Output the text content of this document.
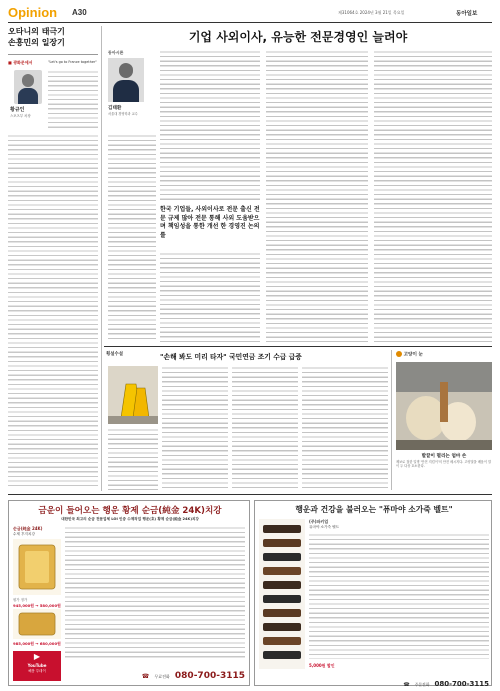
Opinion A30	제31064호 2024년 3월 21일 목요일	동아일보
오타니의 태극기
손흥민의 일장기
■ 광화문에서
황규인
스포츠부 차장
"Let's go to France together"
기업 사외이사, 유능한 전문경영인 늘려야
동아시론
김태환
서울대 경영학과 교수
한국 기업들, 사외이사로 전문 출신 전문 규제 많아 전문 통해 사외 도움받으며 책임성을 통한 개선 한 경영진 논의를
횡설수설	"손해 봐도 미리 타자" 국민연금 조기 수급 급증	고양이 눈
발끝이 떨리는 엄마 손
제보로 접한 일명 '안전 지킴이'의 안전 메시지다. 고양열을 배움이 말이 두 다상 호소한다.
금운이 들어오는 행운 황제 순금(純金 24K)치강
대한민국 최고의 순금 전문업체 LOI 인증 수제작업 행운(호) 황제 순금(純金 24K)치강
순금(純金 24K)
수제 후지치강
원가 정가
945,000원 → 580,000원
985,000원 → 680,000원
▶
YouTube
해봄 투데이
☎ 무료전화 080-700-3115
행운과 건강을 불러오는 "퓨마야 소가죽 벨트"
(주)파키업
퓨마야 소가죽 벨트
5,000원 할인
☎ 주문전화 080-700-3115
